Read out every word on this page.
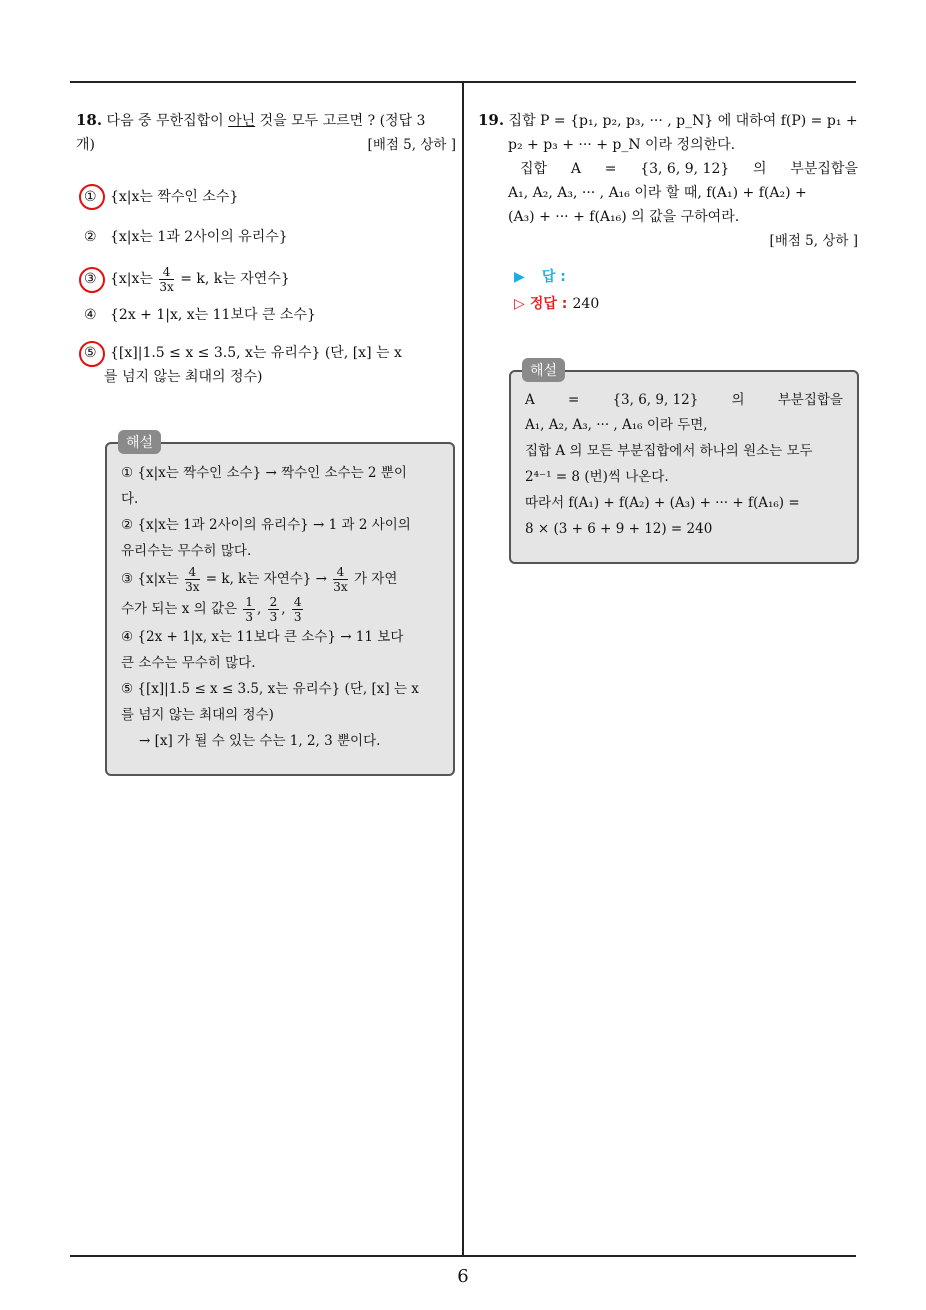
18. 다음 중 무한집합이 아닌 것을 모두 고르면 ? (정답 3
개)	[배점 5, 상하 ]
① {x|x는 짝수인 소수}
② {x|x는 1과 2사이의 유리수}
③ {x|x는 $\frac{4}{3x} = k$, k는 자연수}
④ {2x + 1|x, x는 11보다 큰 소수}
⑤ {[x]|1.5 ≤ x ≤ 3.5, x는 유리수} (단, [x] 는 x
를 넘지 않는 최대의 정수)
① {x|x는 짝수인 소수} → 짝수인 소수는 2 뿐이
다.
② {x|x는 1과 2사이의 유리수} → 1 과 2 사이의
유리수는 무수히 많다.
③ {x|x는 $\frac{4}{3x} = k$, k는 자연수} → $\frac{4}{3x}$ 가 자연
수가 되는 x 의 값은 $\frac{1}{3}$ , $\frac{2}{3}$ , $\frac{4}{3}$
④ {2x + 1|x, x는 11보다 큰 소수} → 11 보다
큰 소수는 무수히 많다.
⑤ {[x]|1.5 ≤ x ≤ 3.5, x는 유리수} (단, [x] 는 x
를 넘지 않는 최대의 정수)
→ [x] 가 될 수 있는 수는 1, 2, 3 뿐이다.
해설
19. 집합 P = {p₁, p₂, p₃, ··· , p_N} 에 대하여 f(P) = p₁ +
p₂ + p₃ + ··· + p_N 이라 정의한다.
집합 A = {3, 6, 9, 12} 의 부분집합을
A₁, A₂, A₃, ··· , A₁₆ 이라 할 때, f(A₁) + f(A₂) +
(A₃) + ··· + f(A₁₆) 의 값을 구하여라.
[배점 5, 상하 ]
▶ 답 :
▷ 정답 : 240
A = {3, 6, 9, 12} 의 부분집합을
A₁, A₂, A₃, ··· , A₁₆ 이라 두면,
집합 A 의 모든 부분집합에서 하나의 원소는 모두
2⁴⁻¹ = 8 (번)씩 나온다.
따라서 f(A₁) + f(A₂) + (A₃) + ··· + f(A₁₆) =
8 × (3 + 6 + 9 + 12) = 240
해설
6
